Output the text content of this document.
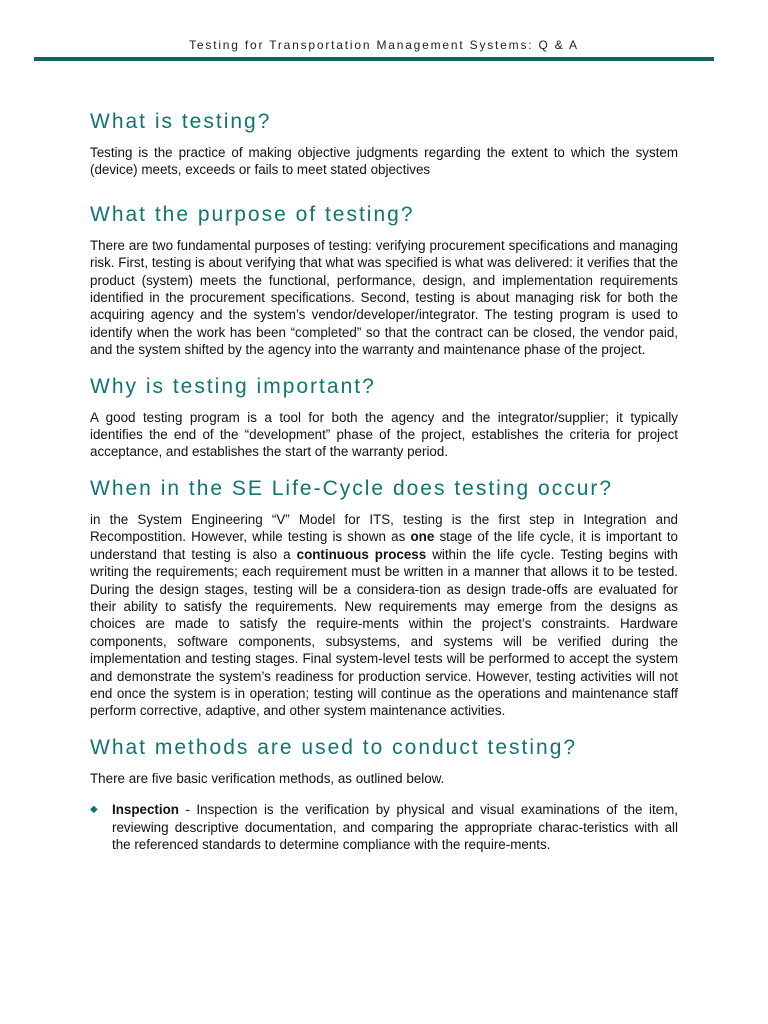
Testing for Transportation Management Systems: Q & A
What is testing?

Testing is the practice of making objective judgments regarding the extent to which the system (device) meets, exceeds or fails to meet stated objectives

What the purpose of testing?

There are two fundamental purposes of testing: verifying procurement specifications and managing risk. First, testing is about verifying that what was specified is what was delivered: it verifies that the product (system) meets the functional, performance, design, and implementation requirements identified in the procurement specifications. Second, testing is about managing risk for both the acquiring agency and the system’s vendor/developer/integrator. The testing program is used to identify when the work has been “completed” so that the contract can be closed, the vendor paid, and the system shifted by the agency into the warranty and maintenance phase of the project.

Why is testing important?

A good testing program is a tool for both the agency and the integrator/supplier; it typically identifies the end of the “development” phase of the project, establishes the criteria for project acceptance, and establishes the start of the warranty period.

When in the SE Life-Cycle does testing occur?

in the System Engineering “V” Model for ITS, testing is the first step in Integration and Recompostition. However, while testing is shown as one stage of the life cycle, it is important to understand that testing is also a continuous process within the life cycle. Testing begins with writing the requirements; each requirement must be written in a manner that allows it to be tested. During the design stages, testing will be a considera-tion as design trade-offs are evaluated for their ability to satisfy the requirements. New requirements may emerge from the designs as choices are made to satisfy the require-ments within the project’s constraints. Hardware components, software components, subsystems, and systems will be verified during the implementation and testing stages. Final system-level tests will be performed to accept the system and demonstrate the system’s readiness for production service. However, testing activities will not end once the system is in operation; testing will continue as the operations and maintenance staff perform corrective, adaptive, and other system maintenance activities.

What methods are used to conduct testing?

There are five basic verification methods, as outlined below.

◆	Inspection - Inspection is the verification by physical and visual examinations of the item, reviewing descriptive documentation, and comparing the appropriate charac-teristics with all the referenced standards to determine compliance with the require-ments.
